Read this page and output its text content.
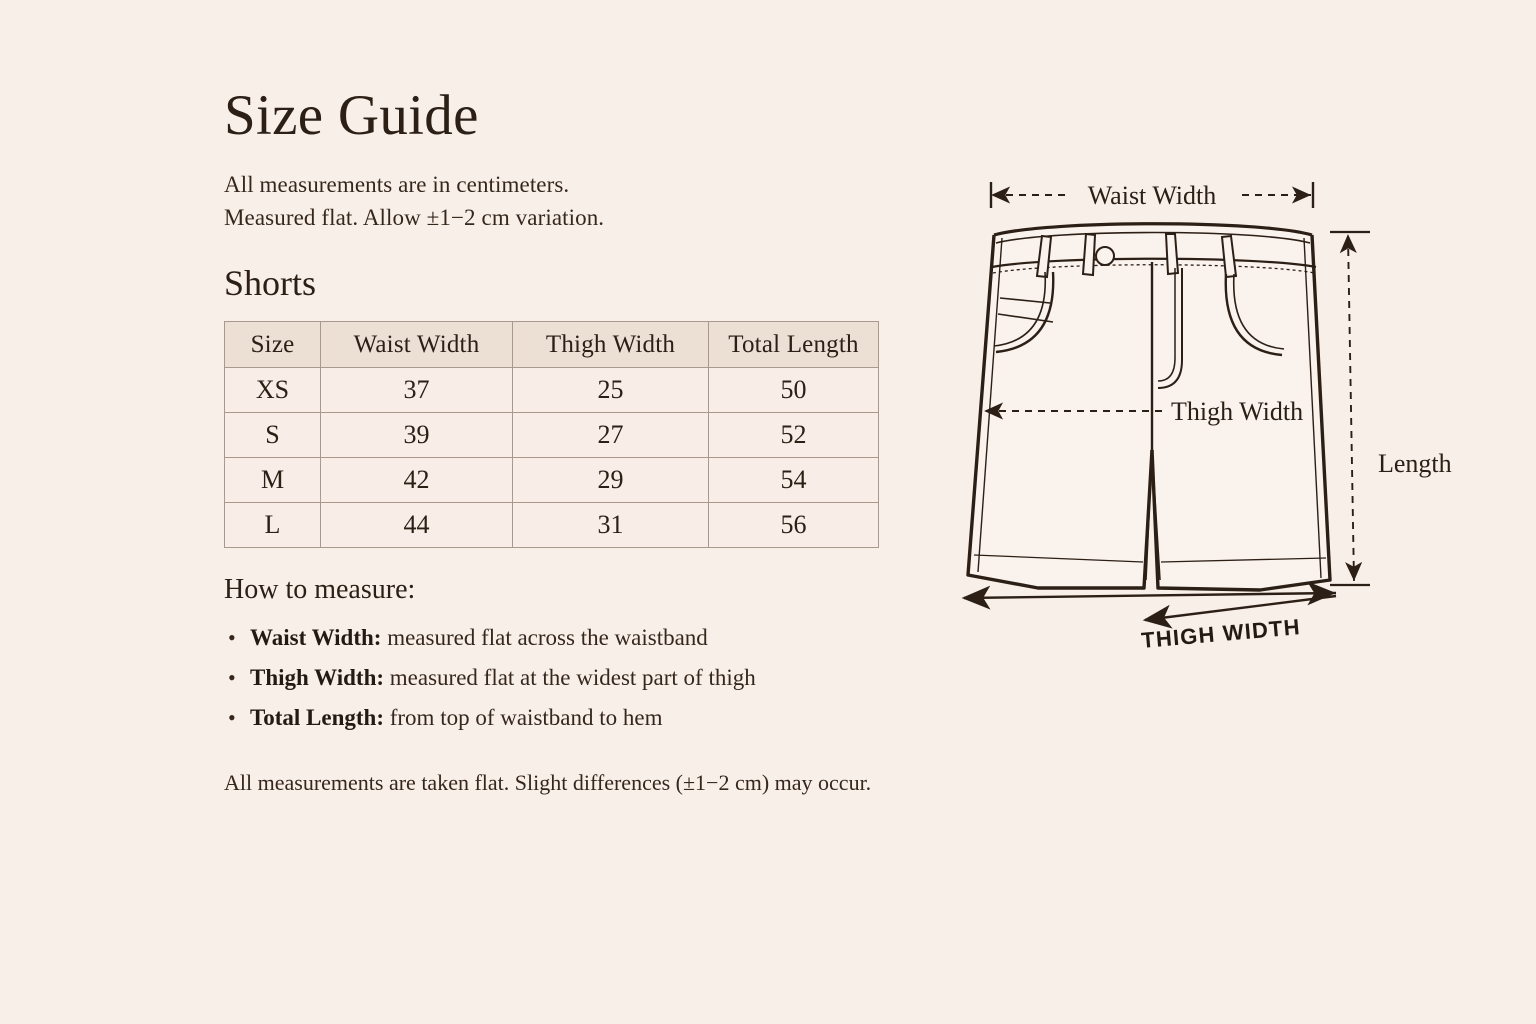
Size Guide
All measurements are in centimeters.
Measured flat. Allow ±1−2 cm variation.
Shorts
Size	Waist Width	Thigh Width	Total Length
XS	37	25	50
S	39	27	52
M	42	29	54
L	44	31	56
How to measure:
• Waist Width: measured flat across the waistband
• Thigh Width: measured flat at the widest part of thigh
• Total Length: from top of waistband to hem
All measurements are taken flat. Slight differences (±1−2 cm) may occur.
Waist Width
Thigh Width
Length
THIGH WIDTH
